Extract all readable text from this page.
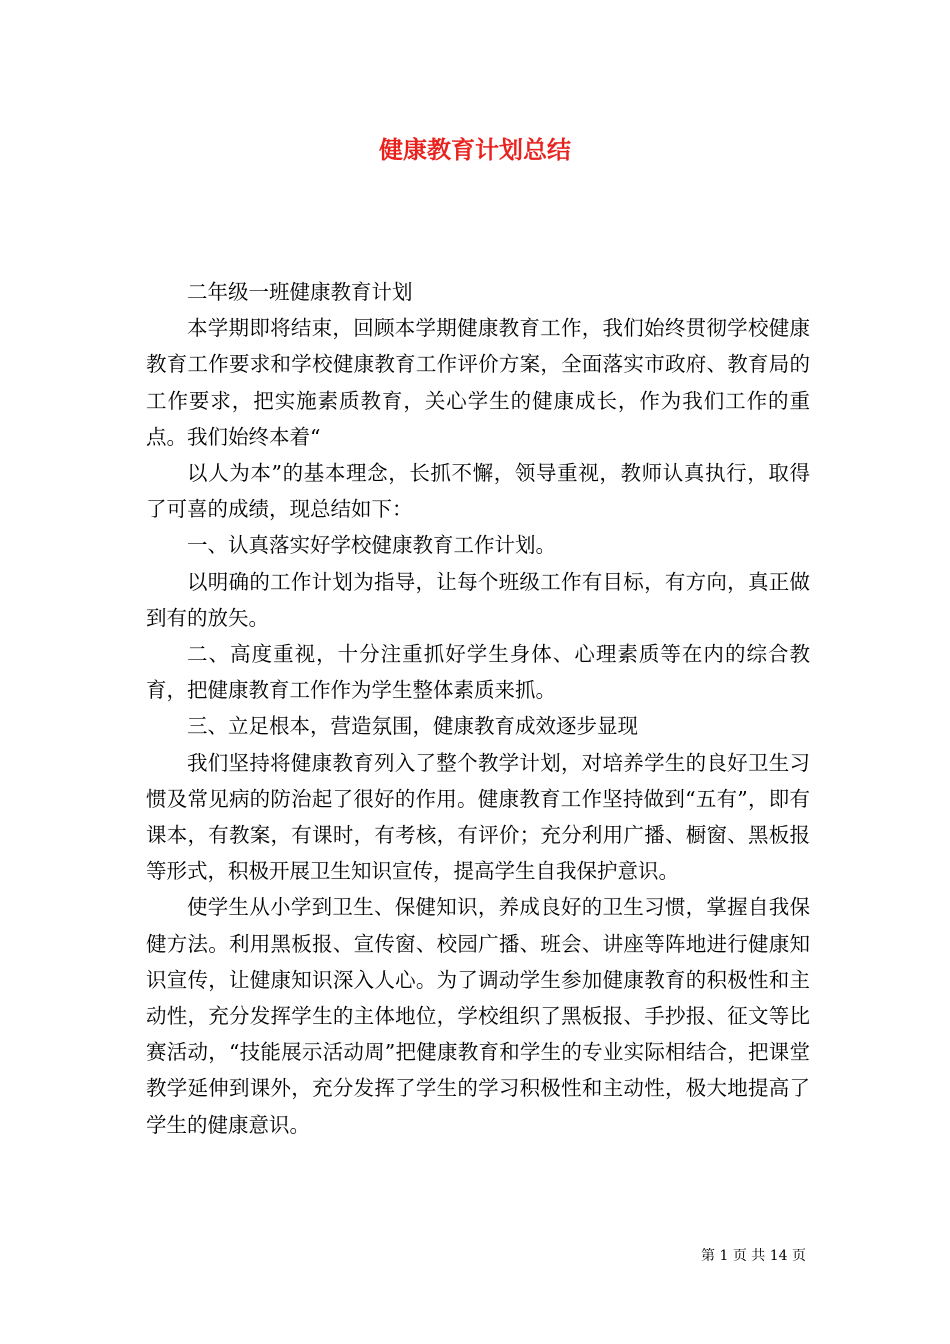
健康教育计划总结

二年级一班健康教育计划

本学期即将结束，回顾本学期健康教育工作，我们始终贯彻学校健康教育工作要求和学校健康教育工作评价方案，全面落实市政府、教育局的工作要求，把实施素质教育，关心学生的健康成长，作为我们工作的重点。我们始终本着“

以人为本”的基本理念，长抓不懈，领导重视，教师认真执行，取得了可喜的成绩，现总结如下：

一、认真落实好学校健康教育工作计划。

以明确的工作计划为指导，让每个班级工作有目标，有方向，真正做到有的放矢。

二、高度重视，十分注重抓好学生身体、心理素质等在内的综合教育，把健康教育工作作为学生整体素质来抓。

三、立足根本，营造氛围，健康教育成效逐步显现

我们坚持将健康教育列入了整个教学计划，对培养学生的良好卫生习惯及常见病的防治起了很好的作用。健康教育工作坚持做到“五有”，即有课本，有教案，有课时，有考核，有评价；充分利用广播、橱窗、黑板报等形式，积极开展卫生知识宣传，提高学生自我保护意识。

使学生从小学到卫生、保健知识，养成良好的卫生习惯，掌握自我保健方法。利用黑板报、宣传窗、校园广播、班会、讲座等阵地进行健康知识宣传，让健康知识深入人心。为了调动学生参加健康教育的积极性和主动性，充分发挥学生的主体地位，学校组织了黑板报、手抄报、征文等比赛活动，“技能展示活动周”把健康教育和学生的专业实际相结合，把课堂教学延伸到课外，充分发挥了学生的学习积极性和主动性，极大地提高了学生的健康意识。

第 1 页 共 14 页
